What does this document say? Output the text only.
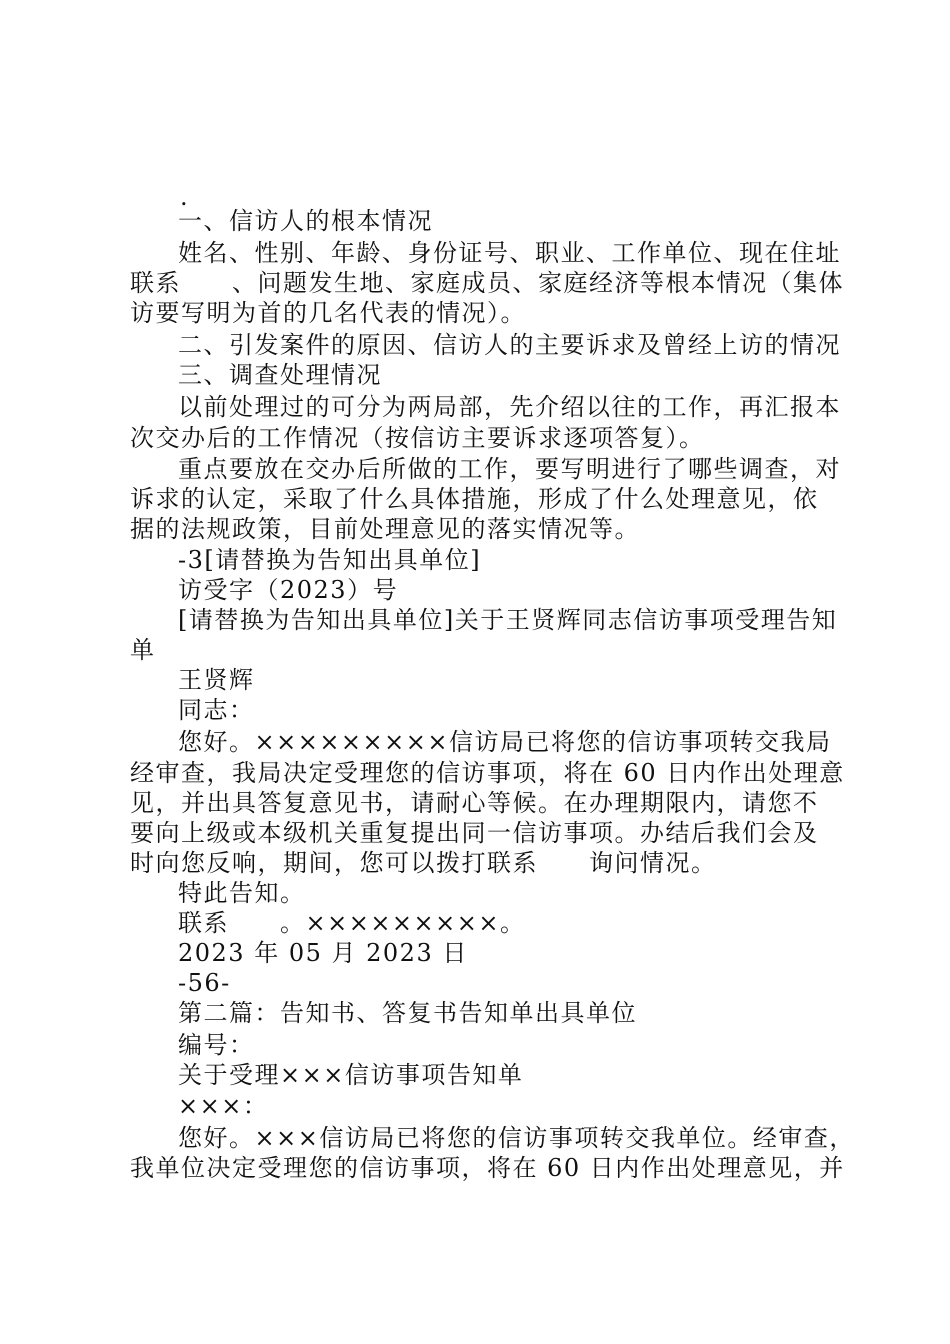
.
一、信访人的根本情况
姓名、性别、年龄、身份证号、职业、工作单位、现在住址
联系　　、问题发生地、家庭成员、家庭经济等根本情况（集体
访要写明为首的几名代表的情况）。
二、引发案件的原因、信访人的主要诉求及曾经上访的情况
三、调查处理情况
以前处理过的可分为两局部，先介绍以往的工作，再汇报本
次交办后的工作情况（按信访主要诉求逐项答复）。
重点要放在交办后所做的工作，要写明进行了哪些调查，对
诉求的认定，采取了什么具体措施，形成了什么处理意见，依
据的法规政策，目前处理意见的落实情况等。
-3[请替换为告知出具单位]
访受字（2023）号
[请替换为告知出具单位]关于王贤辉同志信访事项受理告知
单
王贤辉
同志：
您好。×××××××××信访局已将您的信访事项转交我局
经审查，我局决定受理您的信访事项，将在 60 日内作出处理意
见，并出具答复意见书，请耐心等候。在办理期限内，请您不
要向上级或本级机关重复提出同一信访事项。办结后我们会及
时向您反响，期间，您可以拨打联系　　询问情况。
特此告知。
联系　　。×××××××××。
2023 年 05 月 2023 日
-56-
第二篇：告知书、答复书告知单出具单位
编号：
关于受理×××信访事项告知单
×××：
您好。×××信访局已将您的信访事项转交我单位。经审查，
我单位决定受理您的信访事项，将在 60 日内作出处理意见，并
